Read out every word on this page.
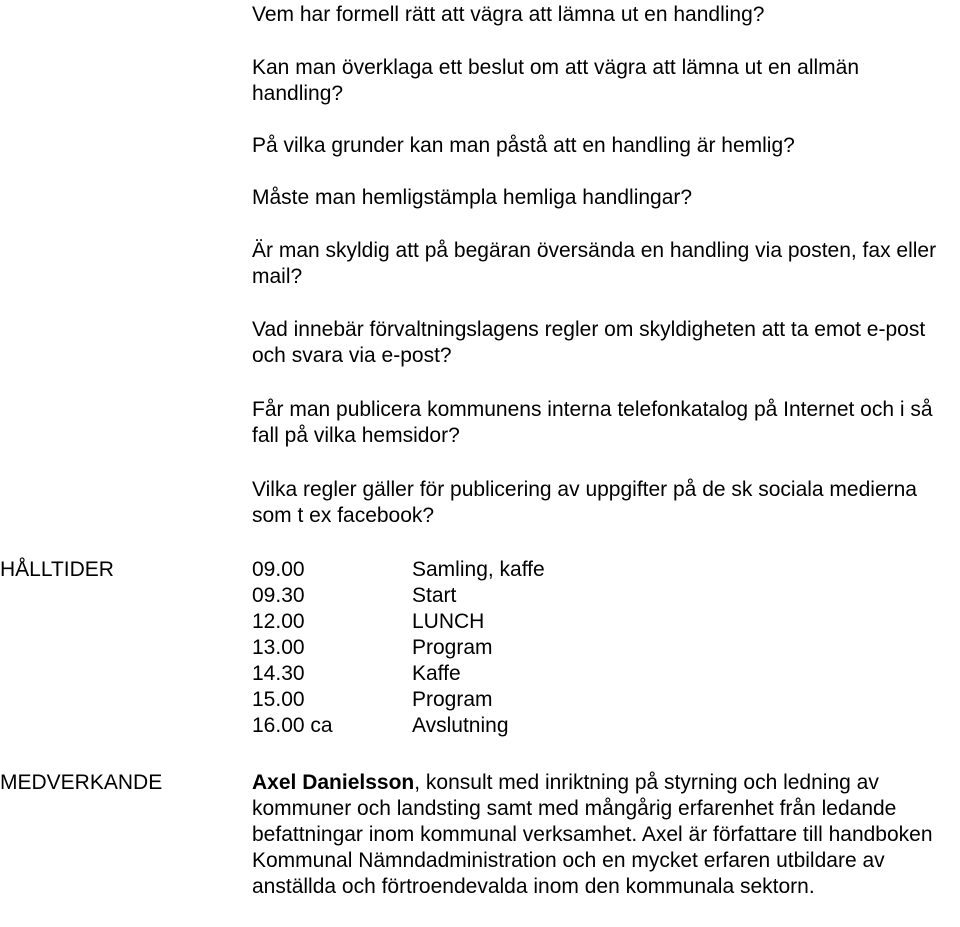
Vem har formell rätt att vägra att lämna ut en handling?

Kan man överklaga ett beslut om att vägra att lämna ut en allmän handling?

På vilka grunder kan man påstå att en handling är hemlig?

Måste man hemligstämpla hemliga handlingar?

Är man skyldig att på begäran översända en handling via posten, fax eller mail?

Vad innebär förvaltningslagens regler om skyldigheten att ta emot e-post och svara via e-post?

Får man publicera kommunens interna telefonkatalog på Internet och i så fall på vilka hemsidor?

Vilka regler gäller för publicering av uppgifter på de sk sociala medierna som t ex facebook?

HÅLLTIDER	09.00	Samling, kaffe
09.30	Start
12.00	LUNCH
13.00	Program
14.30	Kaffe
15.00	Program
16.00 ca	Avslutning

MEDVERKANDE	Axel Danielsson, konsult med inriktning på styrning och ledning av kommuner och landsting samt med mångårig erfarenhet från ledande befattningar inom kommunal verksamhet. Axel är författare till handboken Kommunal Nämndadministration och en mycket erfaren utbildare av anställda och förtroendevalda inom den kommunala sektorn.
